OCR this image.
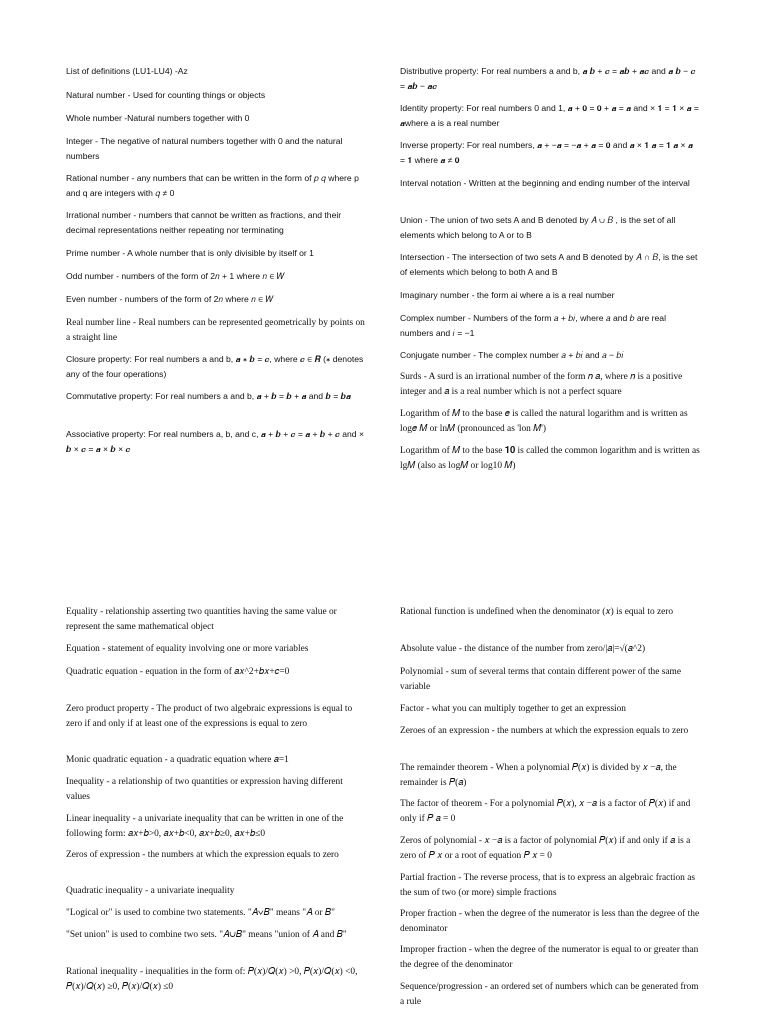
List of definitions (LU1-LU4) -Az

Natural number - Used for counting things or objects

Whole number -Natural numbers together with 0

Integer - The negative of natural numbers together with 0 and the natural numbers

Rational number - any numbers that can be written in the form of 𝑝 𝑞 where p and q are integers with 𝑞 ≠ 0

Irrational number - numbers that cannot be written as fractions, and their decimal representations neither repeating nor terminating

Prime number - A whole number that is only divisible by itself or 1

Odd number - numbers of the form of 2𝑛 + 1 where 𝑛 ∈ 𝑊

Even number - numbers of the form of 2𝑛 where 𝑛 ∈ 𝑊

Real number line - Real numbers can be represented geometrically by points on a straight line

Closure property: For real numbers a and b, 𝒂 ∗ 𝒃 = 𝒄, where 𝒄 ∈ 𝑹 (∗ denotes any of the four operations)

Commutative property: For real numbers a and b, 𝒂 + 𝒃 = 𝒃 + 𝒂 and 𝒃 = 𝒃𝒂

Associative property: For real numbers a, b, and c, 𝒂 + 𝒃 + 𝒄 = 𝒂 + 𝒃 + 𝒄 and × 𝒃 × 𝒄 = 𝒂 × 𝒃 × 𝒄

Distributive property: For real numbers a and b, 𝒂 𝒃 + 𝒄 = 𝒂𝒃 + 𝒂𝒄 and 𝒂 𝒃 − 𝒄 = 𝒂𝒃 − 𝒂𝒄

Identity property: For real numbers 0 and 1, 𝒂 + 𝟎 = 𝟎 + 𝒂 = 𝒂 and × 𝟏 = 𝟏 × 𝒂 = 𝒂where a is a real number

Inverse property: For real numbers, 𝒂 + −𝒂 = −𝒂 + 𝒂 = 𝟎 and 𝒂 × 𝟏 𝒂 = 𝟏 𝒂 × 𝒂 = 𝟏 where 𝒂 ≠ 𝟎

Interval notation - Written at the beginning and ending number of the interval

Union - The union of two sets A and B denoted by 𝐴 ∪ 𝐵 , is the set of all elements which belong to A or to B

Intersection - The intersection of two sets A and B denoted by 𝐴 ∩ 𝐵, is the set of elements which belong to both A and B

Imaginary number - the form ai where a is a real number

Complex number - Numbers of the form 𝑎 + 𝑏𝑖, where 𝑎 and 𝑏 are real numbers and 𝑖 = −1

Conjugate number - The complex number 𝑎 + 𝑏𝑖 and 𝑎 − 𝑏𝑖

Surds - A surd is an irrational number of the form 𝑛 𝑎, where 𝑛 is a positive integer and 𝑎 is a real number which is not a perfect square

Logarithm of 𝑀 to the base 𝑒 is called the natural logarithm and is written as log𝑒 𝑀 or ln𝑀 (pronounced as 'lon 𝑀')

Logarithm of 𝑀 to the base 𝟏𝟎 is called the common logarithm and is written as lg𝑀 (also as log𝑀 or log10 𝑀)

Equality - relationship asserting two quantities having the same value or represent the same mathematical object

Equation - statement of equality involving one or more variables

Quadratic equation - equation in the form of 𝑎𝑥^2+𝑏𝑥+𝑐=0

Zero product property - The product of two algebraic expressions is equal to zero if and only if at least one of the expressions is equal to zero

Monic quadratic equation - a quadratic equation where 𝑎=1

Inequality - a relationship of two quantities or expression having different values

Linear inequality - a univariate inequality that can be written in one of the following form: 𝑎𝑥+𝑏>0, 𝑎𝑥+𝑏<0, 𝑎𝑥+𝑏≥0, 𝑎𝑥+𝑏≤0

Zeros of expression - the numbers at which the expression equals to zero

Quadratic inequality - a univariate inequality

"Logical or" is used to combine two statements. "𝐴∨𝐵" means "𝐴 or 𝐵"

"Set union" is used to combine two sets. "𝐴∪𝐵" means "union of 𝐴 and 𝐵"

Rational inequality - inequalities in the form of: 𝑃(𝑥)/𝑄(𝑥) >0, 𝑃(𝑥)/𝑄(𝑥) <0, 𝑃(𝑥)/𝑄(𝑥) ≥0, 𝑃(𝑥)/𝑄(𝑥) ≤0

Rational function is undefined when the denominator (𝑥) is equal to zero

Absolute value - the distance of the number from zero/|𝑎|=√(𝑎^2)

Polynomial - sum of several terms that contain different power of the same variable

Factor - what you can multiply together to get an expression

Zeroes of an expression - the numbers at which the expression equals to zero

The remainder theorem - When a polynomial 𝑃(𝑥) is divided by 𝑥 −𝑎, the remainder is 𝑃(𝑎)

The factor of theorem - For a polynomial 𝑃(𝑥), 𝑥 −𝑎 is a factor of 𝑃(𝑥) if and only if 𝑃 𝑎 = 0

Zeros of polynomial - 𝑥 −𝑎 is a factor of polynomial 𝑃(𝑥) if and only if 𝑎 is a zero of 𝑃 𝑥 or a root of equation 𝑃 𝑥 = 0

Partial fraction - The reverse process, that is to express an algebraic fraction as the sum of two (or more) simple fractions

Proper fraction - when the degree of the numerator is less than the degree of the denominator

Improper fraction - when the degree of the numerator is equal to or greater than the degree of the denominator

Sequence/progression - an ordered set of numbers which can be generated from a rule
